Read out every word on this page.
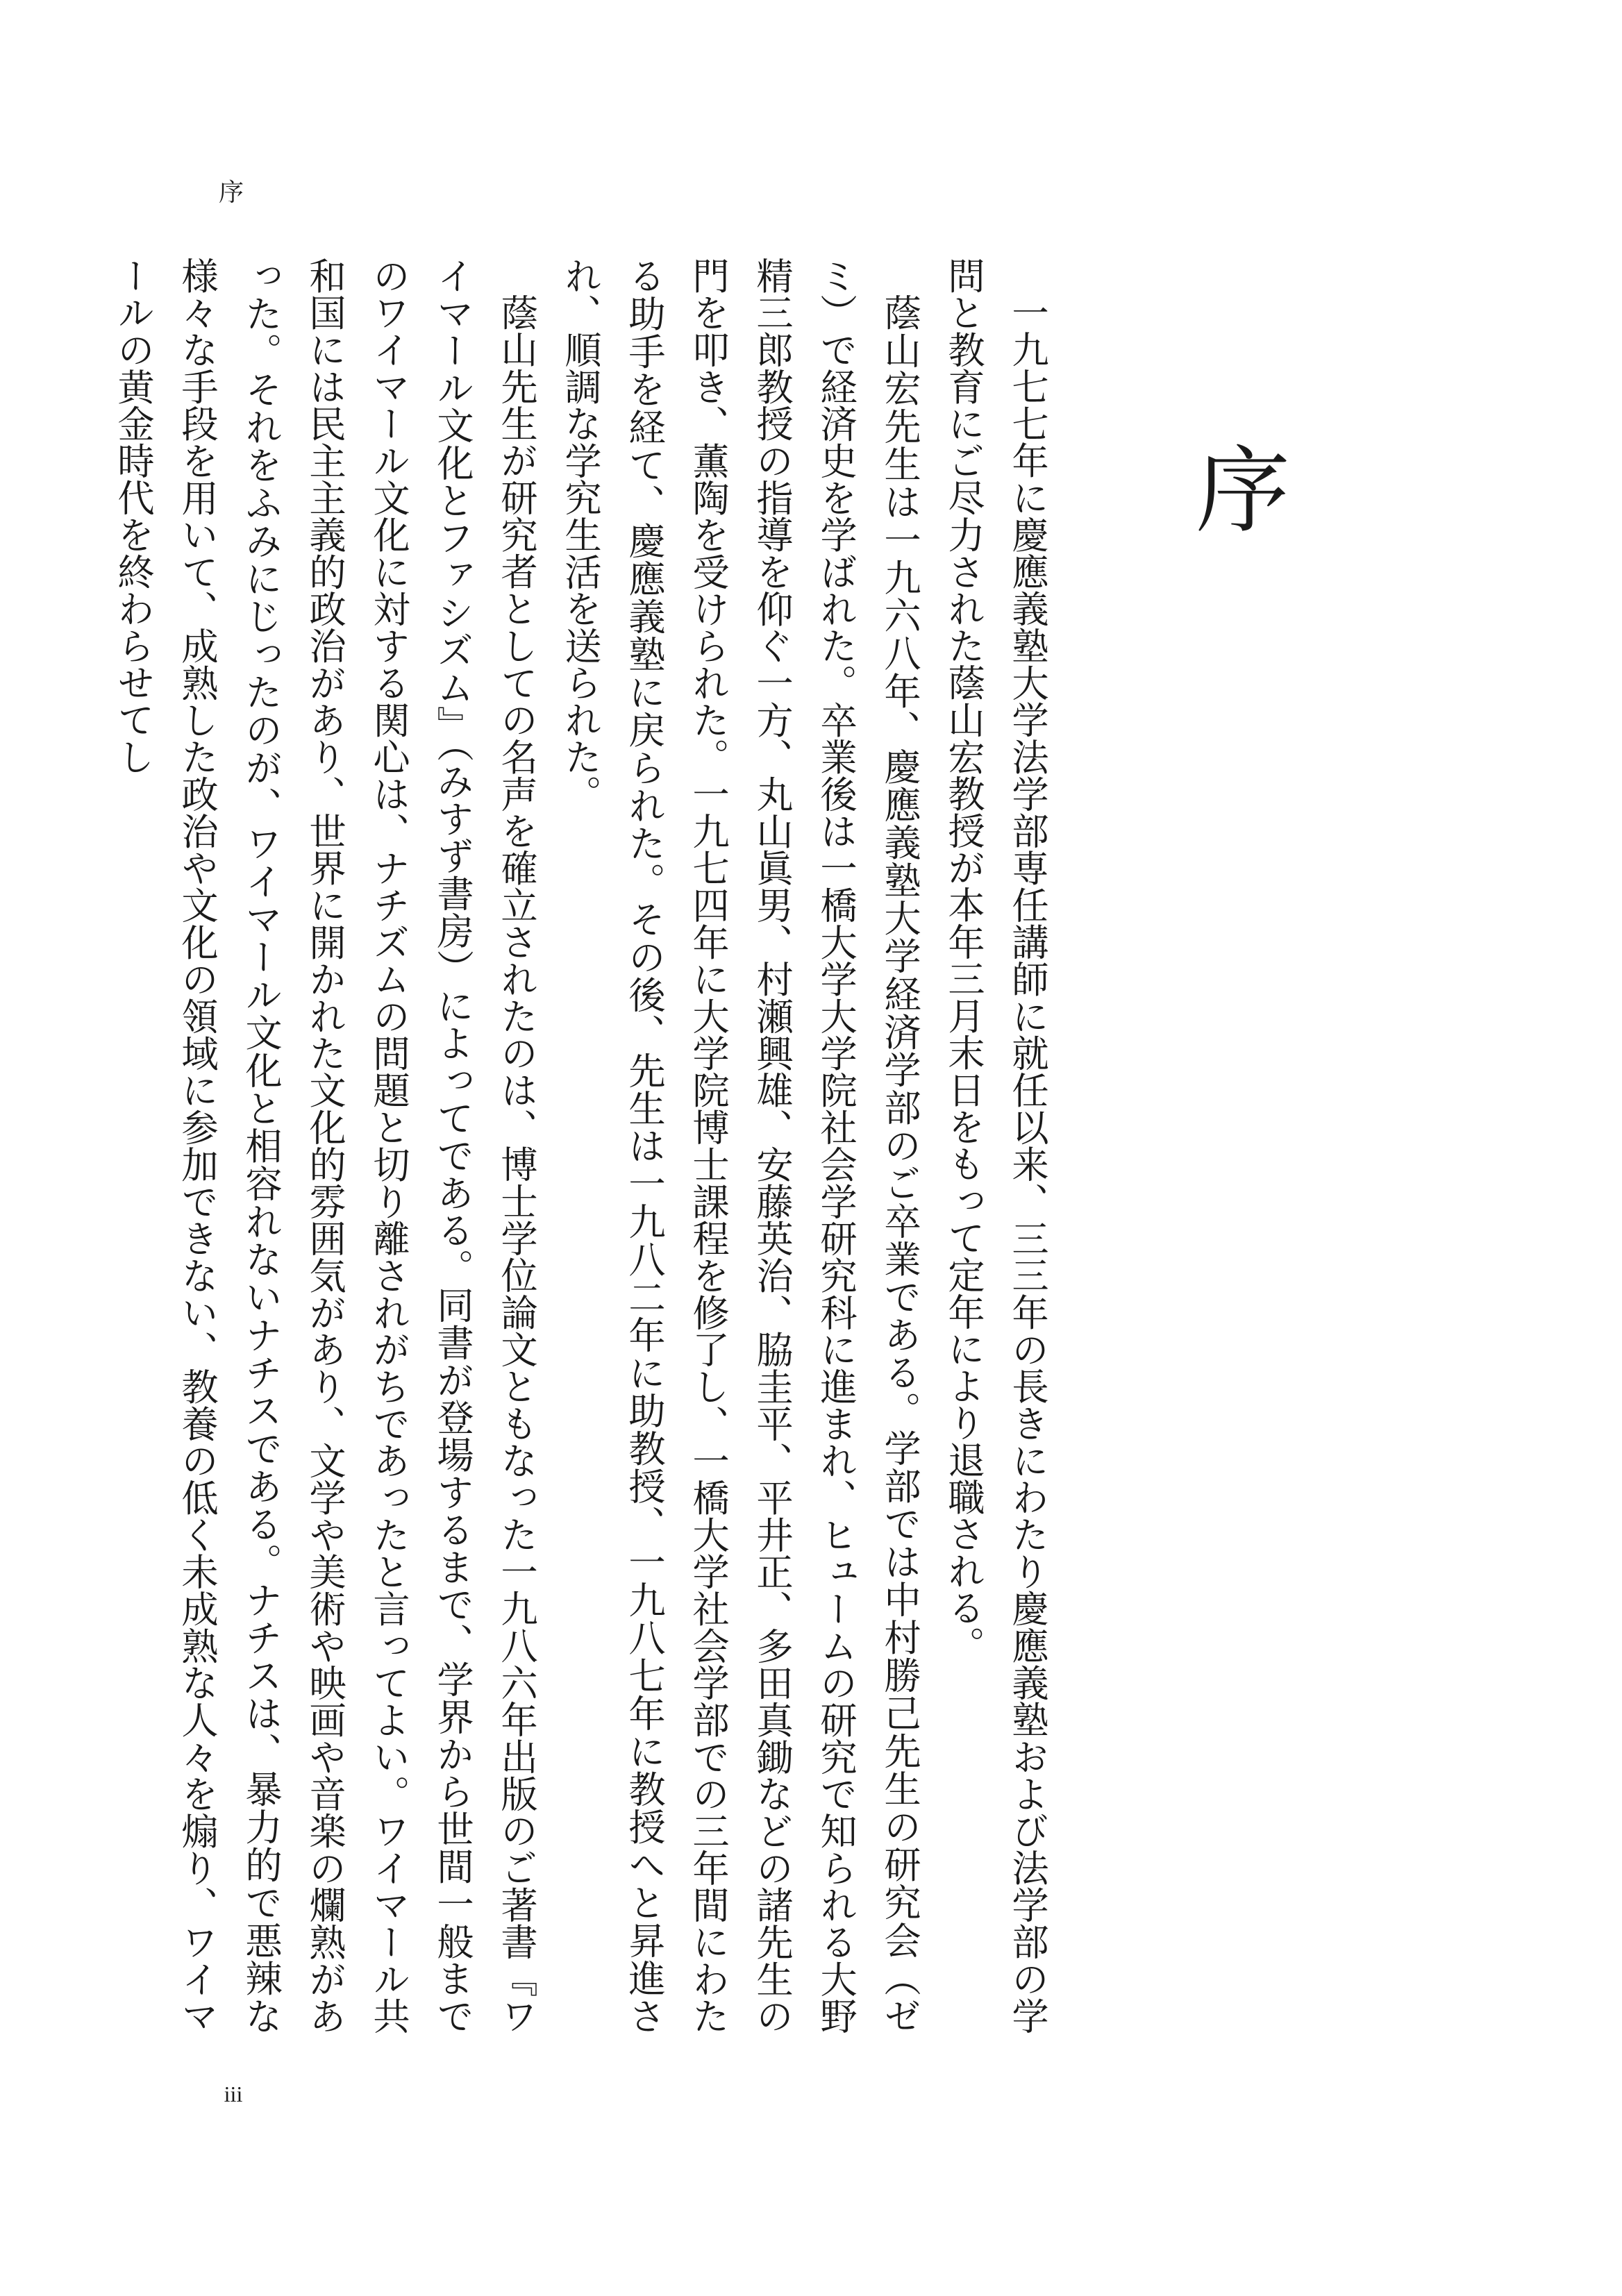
序
序

一九七七年に慶應義塾大学法学部専任講師に就任以来、三三年の長きにわたり慶應義塾および法学部の学問と教育にご尽力された蔭山宏教授が本年三月末日をもって定年により退職される。

蔭山宏先生は一九六八年、慶應義塾大学経済学部のご卒業である。学部では中村勝己先生の研究会（ゼミ）で経済史を学ばれた。卒業後は一橋大学大学院社会学研究科に進まれ、ヒュームの研究で知られる大野精三郎教授の指導を仰ぐ一方、丸山眞男、村瀬興雄、安藤英治、脇圭平、平井正、多田真鋤などの諸先生の門を叩き、薫陶を受けられた。一九七四年に大学院博士課程を修了し、一橋大学社会学部での三年間にわたる助手を経て、慶應義塾に戻られた。その後、先生は一九八二年に助教授、一九八七年に教授へと昇進され、順調な学究生活を送られた。

蔭山先生が研究者としての名声を確立されたのは、博士学位論文ともなった一九八六年出版のご著書『ワイマール文化とファシズム』（みすず書房）によってである。同書が登場するまで、学界から世間一般までのワイマール文化に対する関心は、ナチズムの問題と切り離されがちであったと言ってよい。ワイマール共和国には民主主義的政治があり、世界に開かれた文化的雰囲気があり、文学や美術や映画や音楽の爛熟があった。それをふみにじったのが、ワイマール文化と相容れないナチスである。ナチスは、暴力的で悪辣な様々な手段を用いて、成熟した政治や文化の領域に参加できない、教養の低く未成熟な人々を煽り、ワイマールの黄金時代を終わらせてし

iii
